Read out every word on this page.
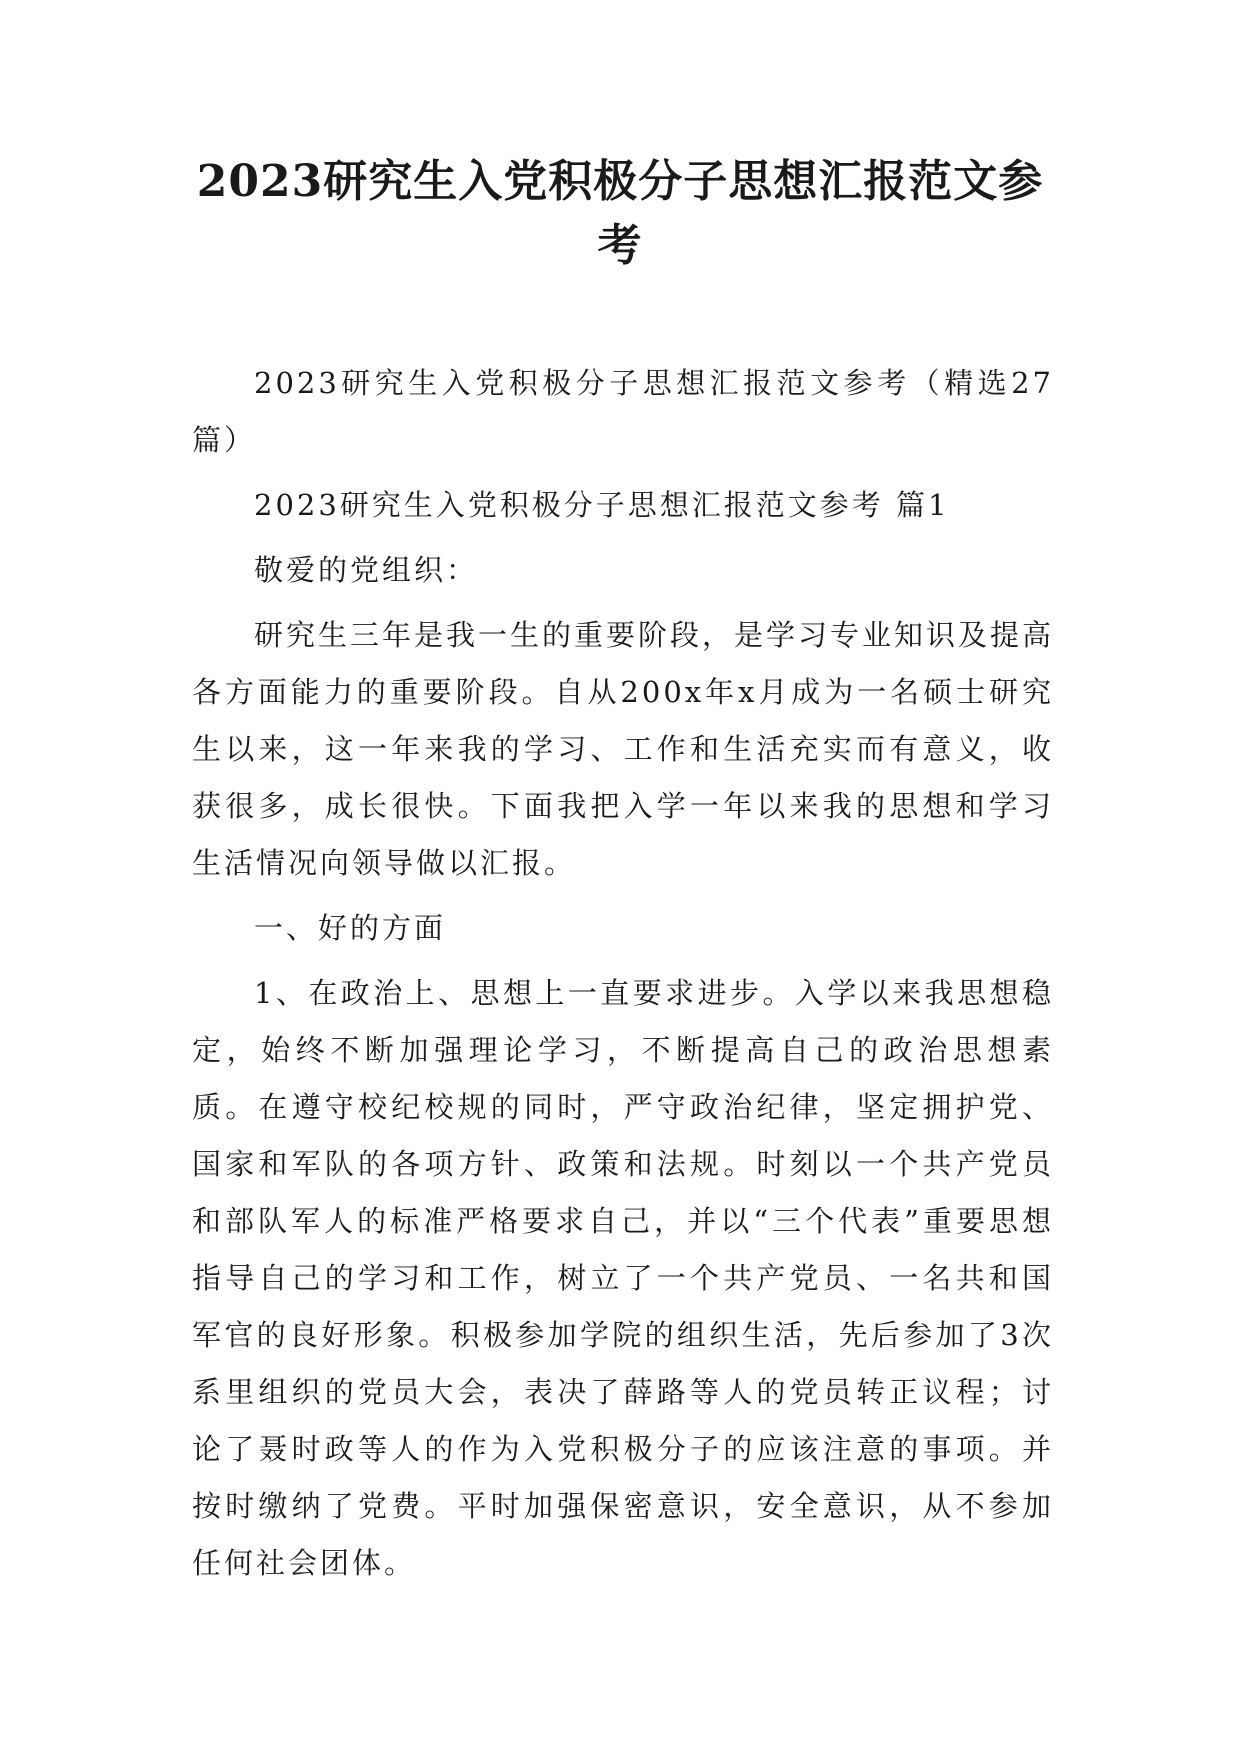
2023研究生入党积极分子思想汇报范文参考

2023研究生入党积极分子思想汇报范文参考（精选27篇）

2023研究生入党积极分子思想汇报范文参考 篇1

敬爱的党组织：

研究生三年是我一生的重要阶段，是学习专业知识及提高各方面能力的重要阶段。自从200x年x月成为一名硕士研究生以来，这一年来我的学习、工作和生活充实而有意义，收获很多，成长很快。下面我把入学一年以来我的思想和学习生活情况向领导做以汇报。

一、好的方面

1、在政治上、思想上一直要求进步。入学以来我思想稳定，始终不断加强理论学习，不断提高自己的政治思想素质。在遵守校纪校规的同时，严守政治纪律，坚定拥护党、国家和军队的各项方针、政策和法规。时刻以一个共产党员和部队军人的标准严格要求自己，并以“三个代表”重要思想指导自己的学习和工作，树立了一个共产党员、一名共和国军官的良好形象。积极参加学院的组织生活，先后参加了3次系里组织的党员大会，表决了薛路等人的党员转正议程；讨论了聂时政等人的作为入党积极分子的应该注意的事项。并按时缴纳了党费。平时加强保密意识，安全意识，从不参加任何社会团体。
